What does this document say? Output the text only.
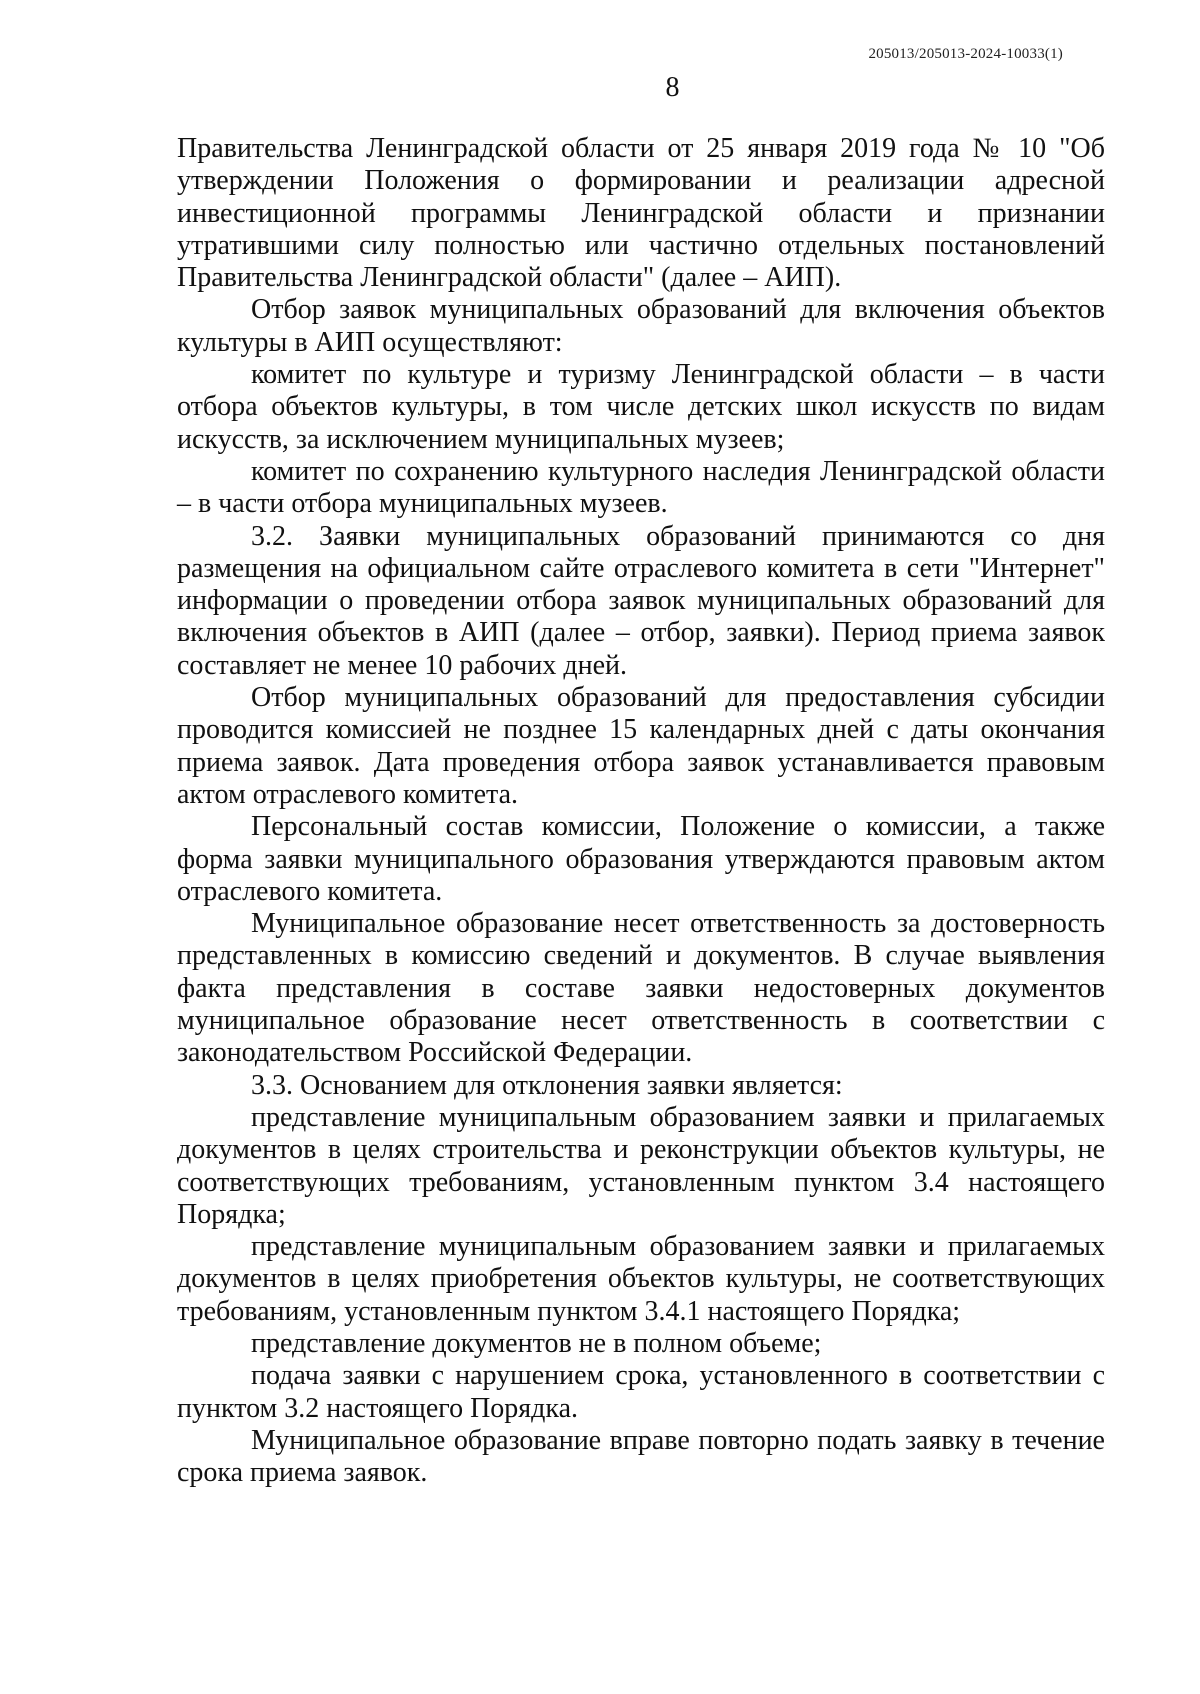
205013/205013-2024-10033(1)
8

Правительства Ленинградской области от 25 января 2019 года № 10 "Об утверждении Положения о формировании и реализации адресной инвестиционной программы Ленинградской области и признании утратившими силу полностью или частично отдельных постановлений Правительства Ленинградской области" (далее – АИП).

Отбор заявок муниципальных образований для включения объектов культуры в АИП осуществляют:

комитет по культуре и туризму Ленинградской области – в части отбора объектов культуры, в том числе детских школ искусств по видам искусств, за исключением муниципальных музеев;

комитет по сохранению культурного наследия Ленинградской области – в части отбора муниципальных музеев.

3.2. Заявки муниципальных образований принимаются со дня размещения на официальном сайте отраслевого комитета в сети "Интернет" информации о проведении отбора заявок муниципальных образований для включения объектов в АИП (далее – отбор, заявки). Период приема заявок составляет не менее 10 рабочих дней.

Отбор муниципальных образований для предоставления субсидии проводится комиссией не позднее 15 календарных дней с даты окончания приема заявок. Дата проведения отбора заявок устанавливается правовым актом отраслевого комитета.

Персональный состав комиссии, Положение о комиссии, а также форма заявки муниципального образования утверждаются правовым актом отраслевого комитета.

Муниципальное образование несет ответственность за достоверность представленных в комиссию сведений и документов. В случае выявления факта представления в составе заявки недостоверных документов муниципальное образование несет ответственность в соответствии с законодательством Российской Федерации.

3.3. Основанием для отклонения заявки является:

представление муниципальным образованием заявки и прилагаемых документов в целях строительства и реконструкции объектов культуры, не соответствующих требованиям, установленным пунктом 3.4 настоящего Порядка;

представление муниципальным образованием заявки и прилагаемых документов в целях приобретения объектов культуры, не соответствующих требованиям, установленным пунктом 3.4.1 настоящего Порядка;

представление документов не в полном объеме;

подача заявки с нарушением срока, установленного в соответствии с пунктом 3.2 настоящего Порядка.

Муниципальное образование вправе повторно подать заявку в течение срока приема заявок.
